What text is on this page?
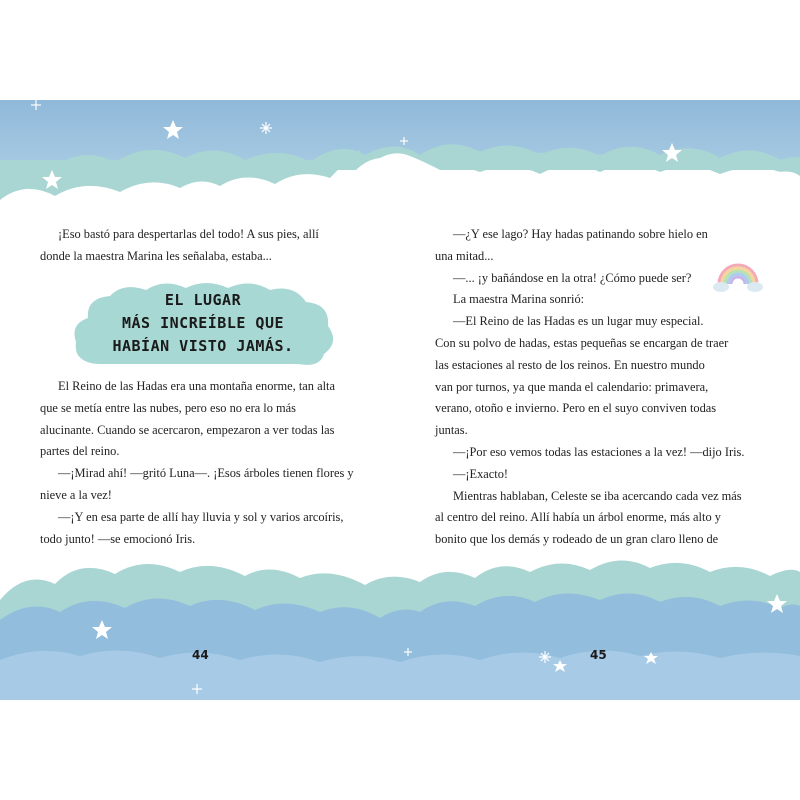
¡Eso bastó para despertarlas del todo! A sus pies, allí

donde la maestra Marina les señalaba, estaba...

EL LUGAR
MÁS INCREÍBLE QUE
HABÍAN VISTO JAMÁS.

El Reino de las Hadas era una montaña enorme, tan alta

que se metía entre las nubes, pero eso no era lo más

alucinante. Cuando se acercaron, empezaron a ver todas las

partes del reino.

—¡Mirad ahí! —gritó Luna—. ¡Esos árboles tienen flores y

nieve a la vez!

—¡Y en esa parte de allí hay lluvia y sol y varios arcoíris,

todo junto! —se emocionó Iris.

—¿Y ese lago? Hay hadas patinando sobre hielo en

una mitad...

—... ¡y bañándose en la otra! ¿Cómo puede ser?

La maestra Marina sonrió:

—El Reino de las Hadas es un lugar muy especial.

Con su polvo de hadas, estas pequeñas se encargan de traer

las estaciones al resto de los reinos. En nuestro mundo

van por turnos, ya que manda el calendario: primavera,

verano, otoño e invierno. Pero en el suyo conviven todas

juntas.

—¡Por eso vemos todas las estaciones a la vez! —dijo Iris.

—¡Exacto!

Mientras hablaban, Celeste se iba acercando cada vez más

al centro del reino. Allí había un árbol enorme, más alto y

bonito que los demás y rodeado de un gran claro lleno de

44	45
